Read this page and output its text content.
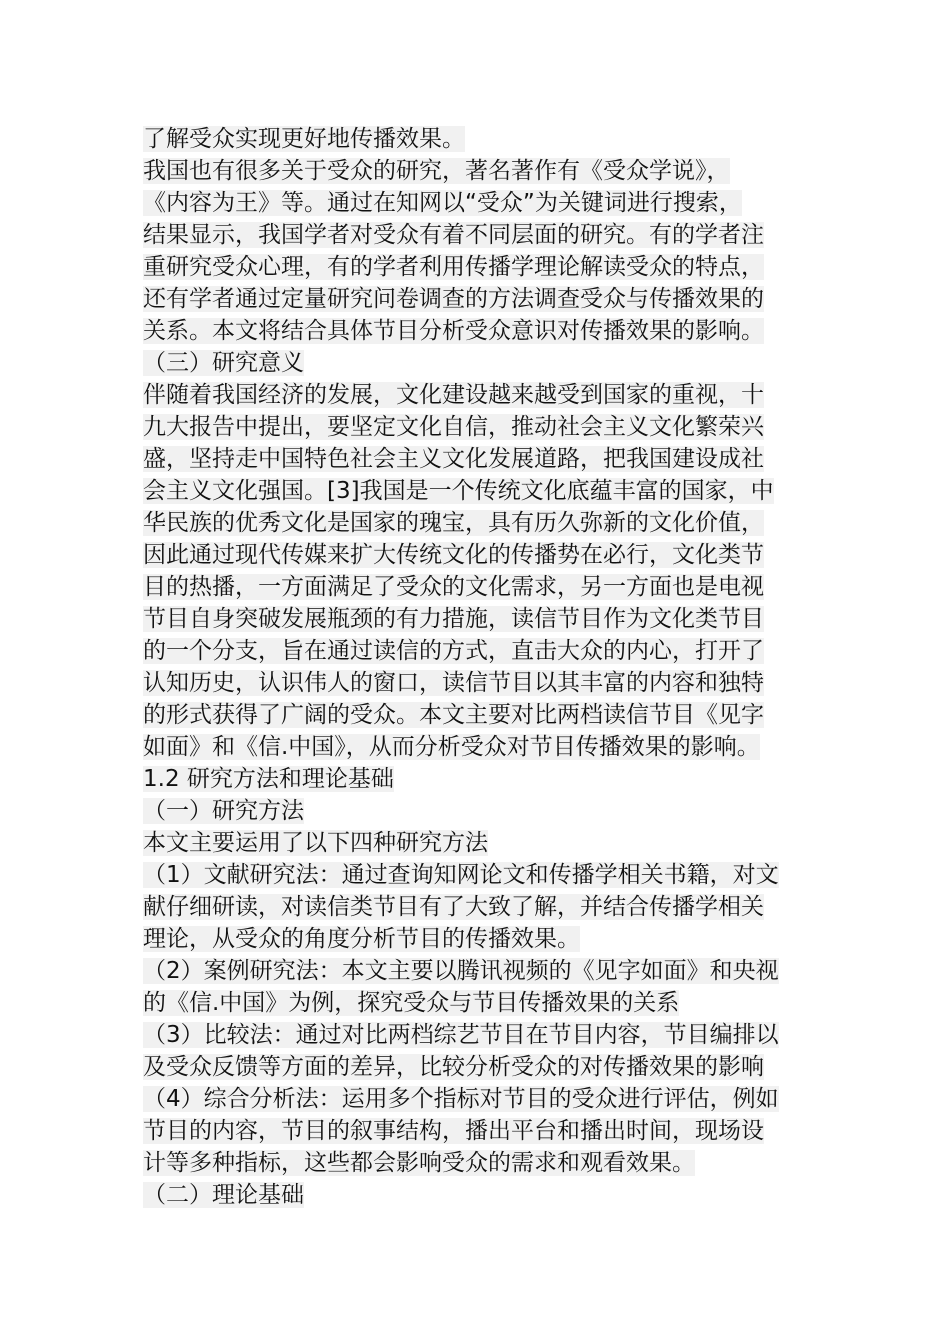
了解受众实现更好地传播效果。
我国也有很多关于受众的研究，著名著作有《受众学说》，
《内容为王》等。通过在知网以“受众”为关键词进行搜索，
结果显示，我国学者对受众有着不同层面的研究。有的学者注
重研究受众心理，有的学者利用传播学理论解读受众的特点，
还有学者通过定量研究问卷调查的方法调查受众与传播效果的
关系。本文将结合具体节目分析受众意识对传播效果的影响。
（三）研究意义
伴随着我国经济的发展，文化建设越来越受到国家的重视，十
九大报告中提出，要坚定文化自信，推动社会主义文化繁荣兴
盛，坚持走中国特色社会主义文化发展道路，把我国建设成社
会主义文化强国。[3]我国是一个传统文化底蕴丰富的国家，中
华民族的优秀文化是国家的瑰宝，具有历久弥新的文化价值，
因此通过现代传媒来扩大传统文化的传播势在必行，文化类节
目的热播，一方面满足了受众的文化需求，另一方面也是电视
节目自身突破发展瓶颈的有力措施，读信节目作为文化类节目
的一个分支，旨在通过读信的方式，直击大众的内心，打开了
认知历史，认识伟人的窗口，读信节目以其丰富的内容和独特
的形式获得了广阔的受众。本文主要对比两档读信节目《见字
如面》和《信.中国》，从而分析受众对节目传播效果的影响。
1.2 研究方法和理论基础
（一）研究方法
本文主要运用了以下四种研究方法
（1）文献研究法：通过查询知网论文和传播学相关书籍，对文
献仔细研读，对读信类节目有了大致了解，并结合传播学相关
理论，从受众的角度分析节目的传播效果。
（2）案例研究法：本文主要以腾讯视频的《见字如面》和央视
的《信.中国》为例，探究受众与节目传播效果的关系
（3）比较法：通过对比两档综艺节目在节目内容，节目编排以
及受众反馈等方面的差异，比较分析受众的对传播效果的影响
（4）综合分析法：运用多个指标对节目的受众进行评估，例如
节目的内容，节目的叙事结构，播出平台和播出时间，现场设
计等多种指标，这些都会影响受众的需求和观看效果。
（二）理论基础
